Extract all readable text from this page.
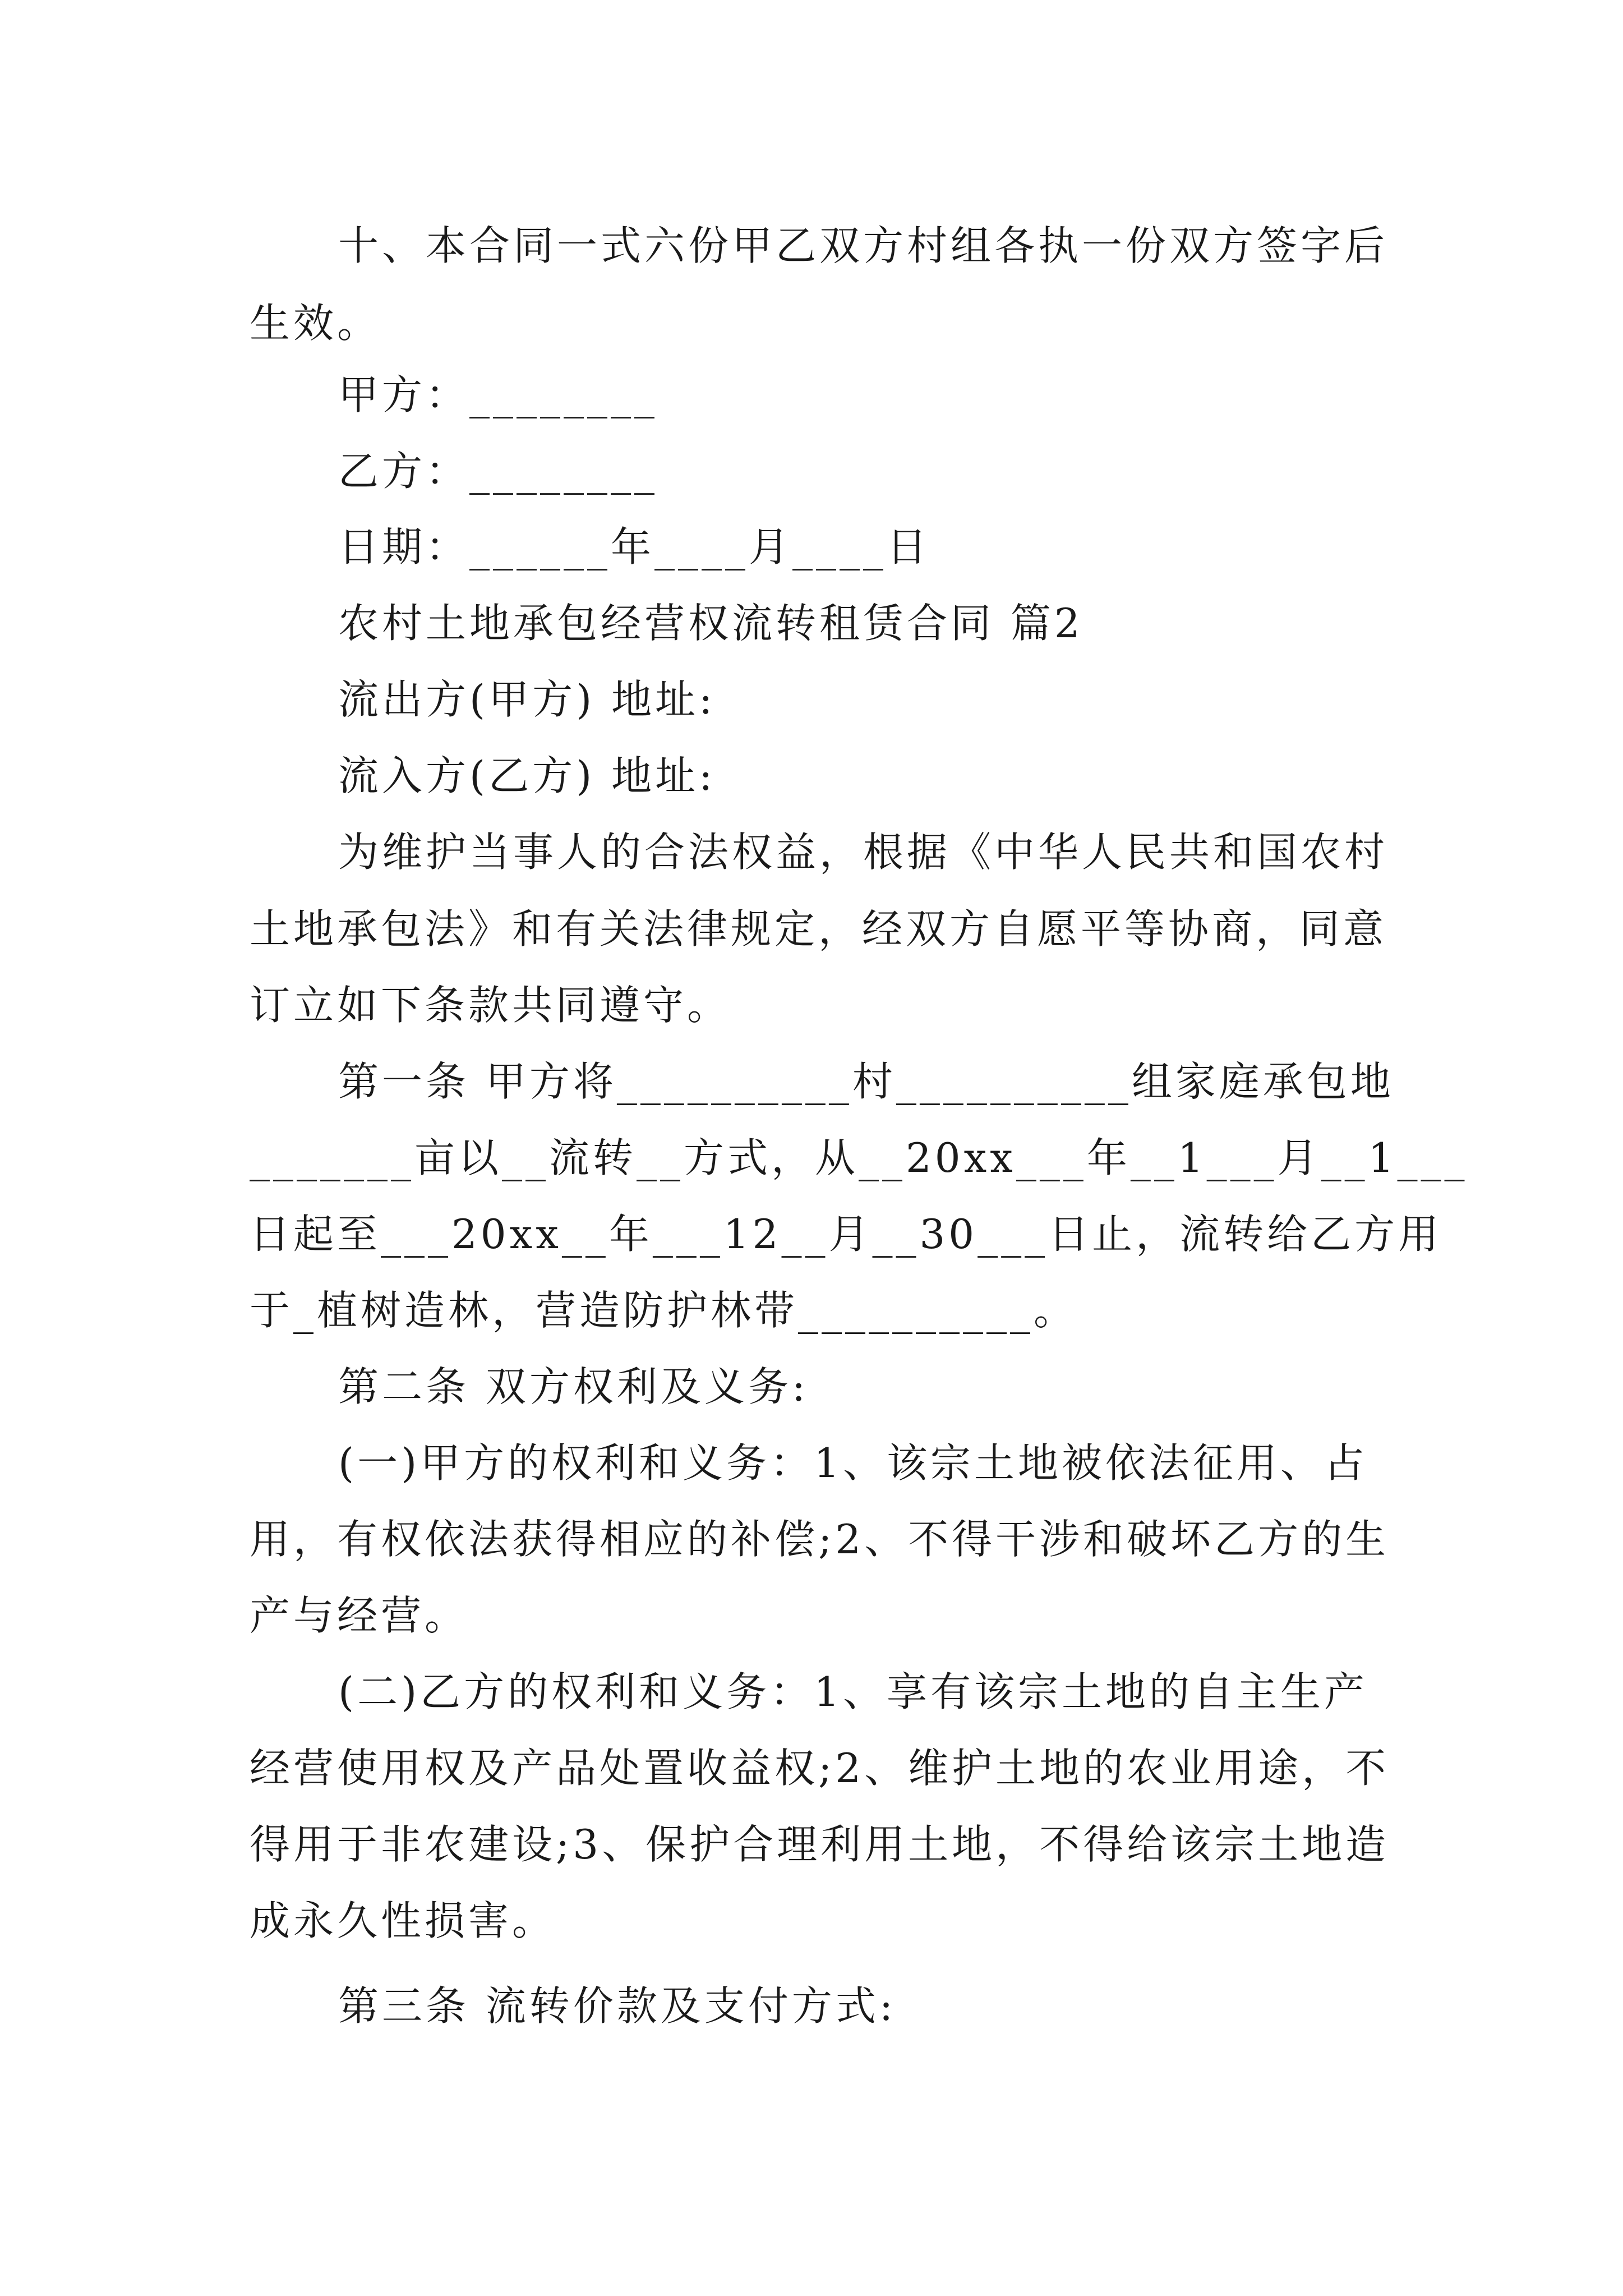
十、本合同一式六份甲乙双方村组各执一份双方签字后
生效。
甲方：________
乙方：________
日期：______年____月____日
农村土地承包经营权流转租赁合同 篇2
流出方(甲方) 地址:
流入方(乙方) 地址:
为维护当事人的合法权益，根据《中华人民共和国农村
土地承包法》和有关法律规定，经双方自愿平等协商，同意
订立如下条款共同遵守。
第一条 甲方将__________村__________组家庭承包地
_______亩以__流转__方式，从__20xx___年__1___月__1___
日起至___20xx__年___12__月__30___日止，流转给乙方用
于_植树造林，营造防护林带__________。
第二条 双方权利及义务:
(一)甲方的权利和义务：1、该宗土地被依法征用、占
用，有权依法获得相应的补偿;2、不得干涉和破坏乙方的生
产与经营。
(二)乙方的权利和义务：1、享有该宗土地的自主生产
经营使用权及产品处置收益权;2、维护土地的农业用途，不
得用于非农建设;3、保护合理利用土地，不得给该宗土地造
成永久性损害。
第三条 流转价款及支付方式:
